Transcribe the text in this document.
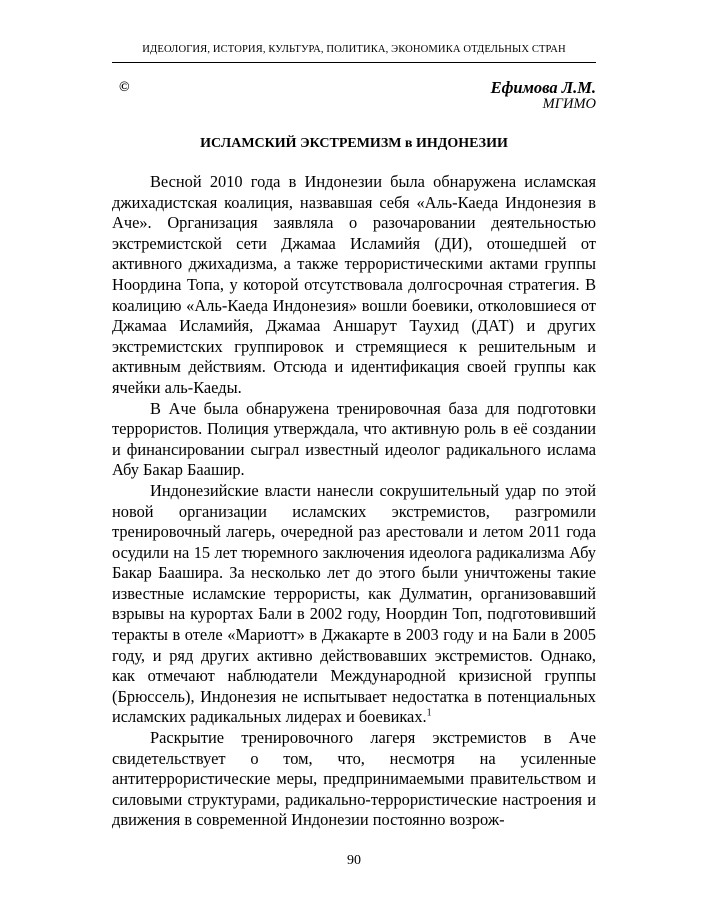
ИДЕОЛОГИЯ, ИСТОРИЯ, КУЛЬТУРА, ПОЛИТИКА, ЭКОНОМИКА ОТДЕЛЬНЫХ СТРАН
©	Ефимова Л.М.
МГИМО
ИСЛАМСКИЙ ЭКСТРЕМИЗМ в ИНДОНЕЗИИ

Весной 2010 года в Индонезии была обнаружена исламская джихадистская коалиция, назвавшая себя «Аль-Каеда Индонезия в Аче». Организация заявляла о разочаровании деятельностью экстремистской сети Джамаа Исламийя (ДИ), отошедшей от активного джихадизма, а также террористическими актами группы Ноордина Топа, у которой отсутствовала долгосрочная стратегия. В коалицию «Аль-Каеда Индонезия» вошли боевики, отколовшиеся от Джамаа Исламийя, Джамаа Аншарут Таухид (ДАТ) и других экстремистских группировок и стремящиеся к решительным и активным действиям. Отсюда и идентификация своей группы как ячейки аль-Каеды.

В Аче была обнаружена тренировочная база для подготовки террористов. Полиция утверждала, что активную роль в её создании и финансировании сыграл известный идеолог радикального ислама Абу Бакар Баашир.

Индонезийские власти нанесли сокрушительный удар по этой новой организации исламских экстремистов, разгромили тренировочный лагерь, очередной раз арестовали и летом 2011 года осудили на 15 лет тюремного заключения идеолога радикализма Абу Бакар Баашира. За несколько лет до этого были уничтожены такие известные исламские террористы, как Дулматин, организовавший взрывы на курортах Бали в 2002 году, Ноордин Топ, подготовивший теракты в отеле «Мариотт» в Джакарте в 2003 году и на Бали в 2005 году, и ряд других активно действовавших экстремистов. Однако, как отмечают наблюдатели Международной кризисной группы (Брюссель), Индонезия не испытывает недостатка в потенциальных исламских радикальных лидерах и боевиках.$^1$

Раскрытие тренировочного лагеря экстремистов в Аче свидетельствует о том, что, несмотря на усиленные антитеррористические меры, предпринимаемыми правительством и силовыми структурами, радикально-террористические настроения и движения в современной Индонезии постоянно возрож-

90
